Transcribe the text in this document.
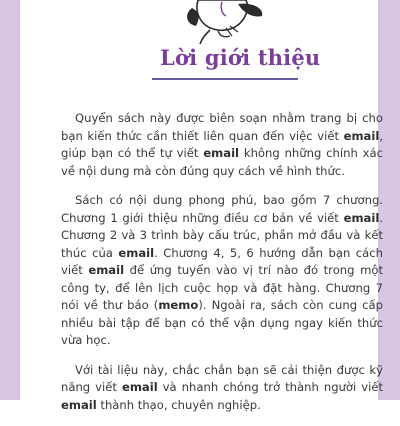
Lời giới thiệu

Quyển sách này được biên soạn nhằm trang bị cho bạn kiến thức cần thiết liên quan đến việc viết email, giúp bạn có thể tự viết email không những chính xác về nội dung mà còn đúng quy cách về hình thức.

Sách có nội dung phong phú, bao gồm 7 chương. Chương 1 giới thiệu những điều cơ bản về viết email. Chương 2 và 3 trình bày cấu trúc, phần mở đầu và kết thúc của email. Chương 4, 5, 6 hướng dẫn bạn cách viết email để ứng tuyển vào vị trí nào đó trong một công ty, để lên lịch cuộc họp và đặt hàng. Chương 7 nói về thư báo (memo). Ngoài ra, sách còn cung cấp nhiều bài tập để bạn có thể vận dụng ngay kiến thức vừa học.

Với tài liệu này, chắc chắn bạn sẽ cải thiện được kỹ năng viết email và nhanh chóng trở thành người viết email thành thạo, chuyên nghiệp.
